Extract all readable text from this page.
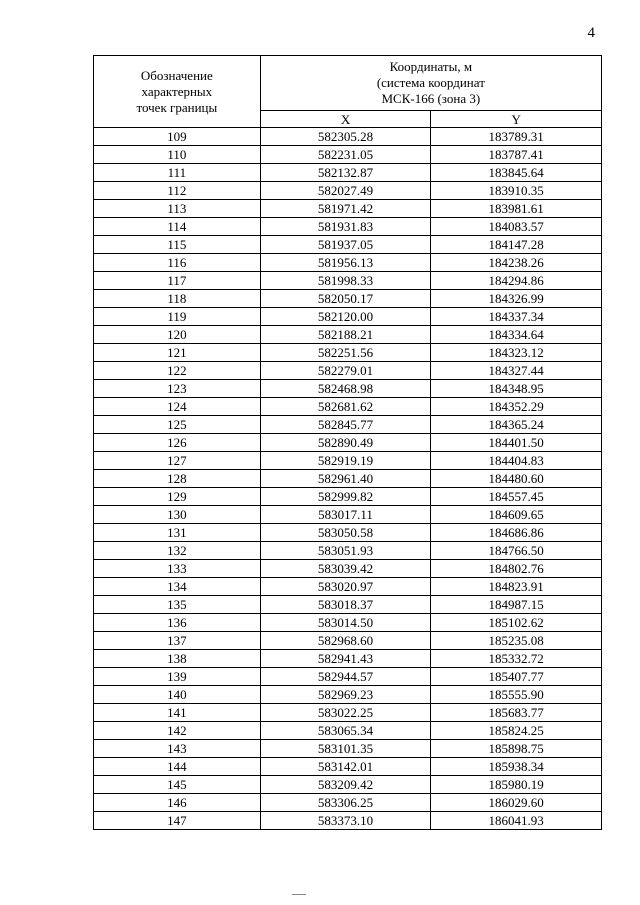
4
Обозначение
характерных
точек границы	Координаты, м
(система координат
МСК-166 (зона 3)	
	X	Y
109	582305.28	183789.31
110	582231.05	183787.41
111	582132.87	183845.64
112	582027.49	183910.35
113	581971.42	183981.61
114	581931.83	184083.57
115	581937.05	184147.28
116	581956.13	184238.26
117	581998.33	184294.86
118	582050.17	184326.99
119	582120.00	184337.34
120	582188.21	184334.64
121	582251.56	184323.12
122	582279.01	184327.44
123	582468.98	184348.95
124	582681.62	184352.29
125	582845.77	184365.24
126	582890.49	184401.50
127	582919.19	184404.83
128	582961.40	184480.60
129	582999.82	184557.45
130	583017.11	184609.65
131	583050.58	184686.86
132	583051.93	184766.50
133	583039.42	184802.76
134	583020.97	184823.91
135	583018.37	184987.15
136	583014.50	185102.62
137	582968.60	185235.08
138	582941.43	185332.72
139	582944.57	185407.77
140	582969.23	185555.90
141	583022.25	185683.77
142	583065.34	185824.25
143	583101.35	185898.75
144	583142.01	185938.34
145	583209.42	185980.19
146	583306.25	186029.60
147	583373.10	186041.93
